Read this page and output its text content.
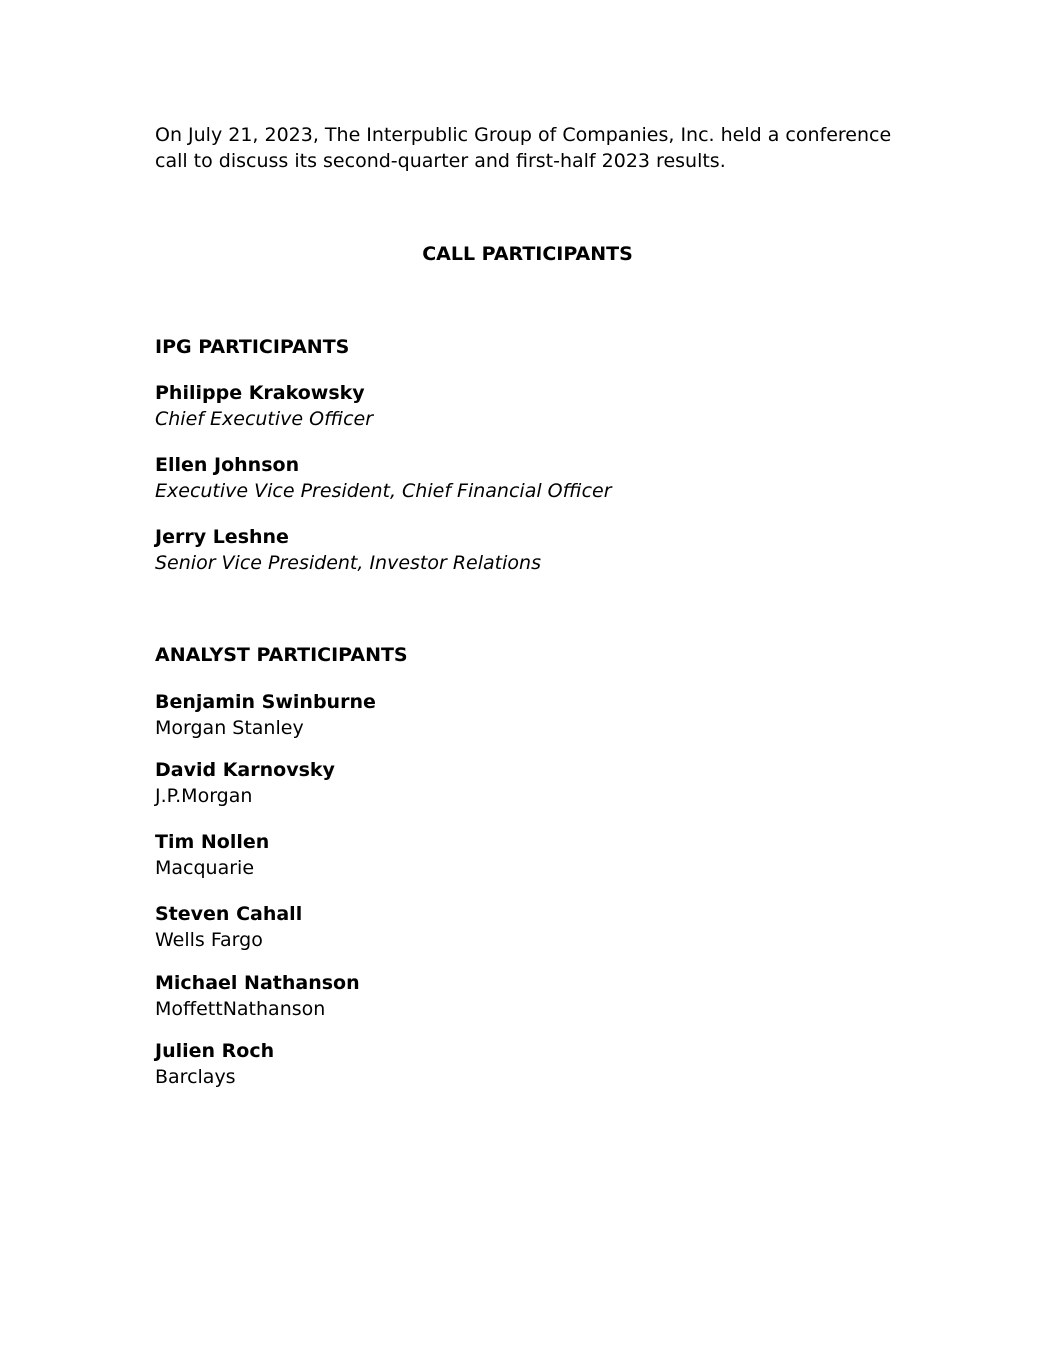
On July 21, 2023, The Interpublic Group of Companies, Inc. held a conference call to discuss its second-quarter and first-half 2023 results.

CALL PARTICIPANTS
IPG PARTICIPANTS
Philippe Krakowsky
Chief Executive Officer
Ellen Johnson
Executive Vice President, Chief Financial Officer
Jerry Leshne
Senior Vice President, Investor Relations
ANALYST PARTICIPANTS
Benjamin Swinburne
Morgan Stanley
David Karnovsky
J.P.Morgan
Tim Nollen
Macquarie
Steven Cahall
Wells Fargo
Michael Nathanson
MoffettNathanson
Julien Roch
Barclays
